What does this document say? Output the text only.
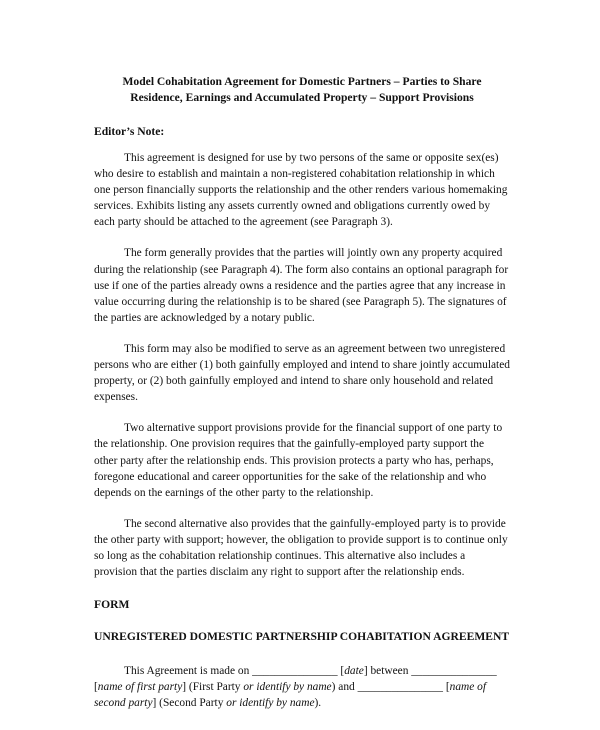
Model Cohabitation Agreement for Domestic Partners – Parties to Share
Residence, Earnings and Accumulated Property – Support Provisions
Editor’s Note:

This agreement is designed for use by two persons of the same or opposite sex(es) who desire to establish and maintain a non-registered cohabitation relationship in which one person financially supports the relationship and the other renders various homemaking services. Exhibits listing any assets currently owned and obligations currently owed by each party should be attached to the agreement (see Paragraph 3).

The form generally provides that the parties will jointly own any property acquired during the relationship (see Paragraph 4). The form also contains an optional paragraph for use if one of the parties already owns a residence and the parties agree that any increase in value occurring during the relationship is to be shared (see Paragraph 5). The signatures of the parties are acknowledged by a notary public.

This form may also be modified to serve as an agreement between two unregistered persons who are either (1) both gainfully employed and intend to share jointly accumulated property, or (2) both gainfully employed and intend to share only household and related expenses.

Two alternative support provisions provide for the financial support of one party to the relationship. One provision requires that the gainfully-employed party support the other party after the relationship ends. This provision protects a party who has, perhaps, foregone educational and career opportunities for the sake of the relationship and who depends on the earnings of the other party to the relationship.

The second alternative also provides that the gainfully-employed party is to provide the other party with support; however, the obligation to provide support is to continue only so long as the cohabitation relationship continues. This alternative also includes a provision that the parties disclaim any right to support after the relationship ends.

FORM
UNREGISTERED DOMESTIC PARTNERSHIP COHABITATION AGREEMENT

This Agreement is made on _______________ [date] between _______________ [name of first party] (First Party or identify by name) and _______________ [name of second party] (Second Party or identify by name).
